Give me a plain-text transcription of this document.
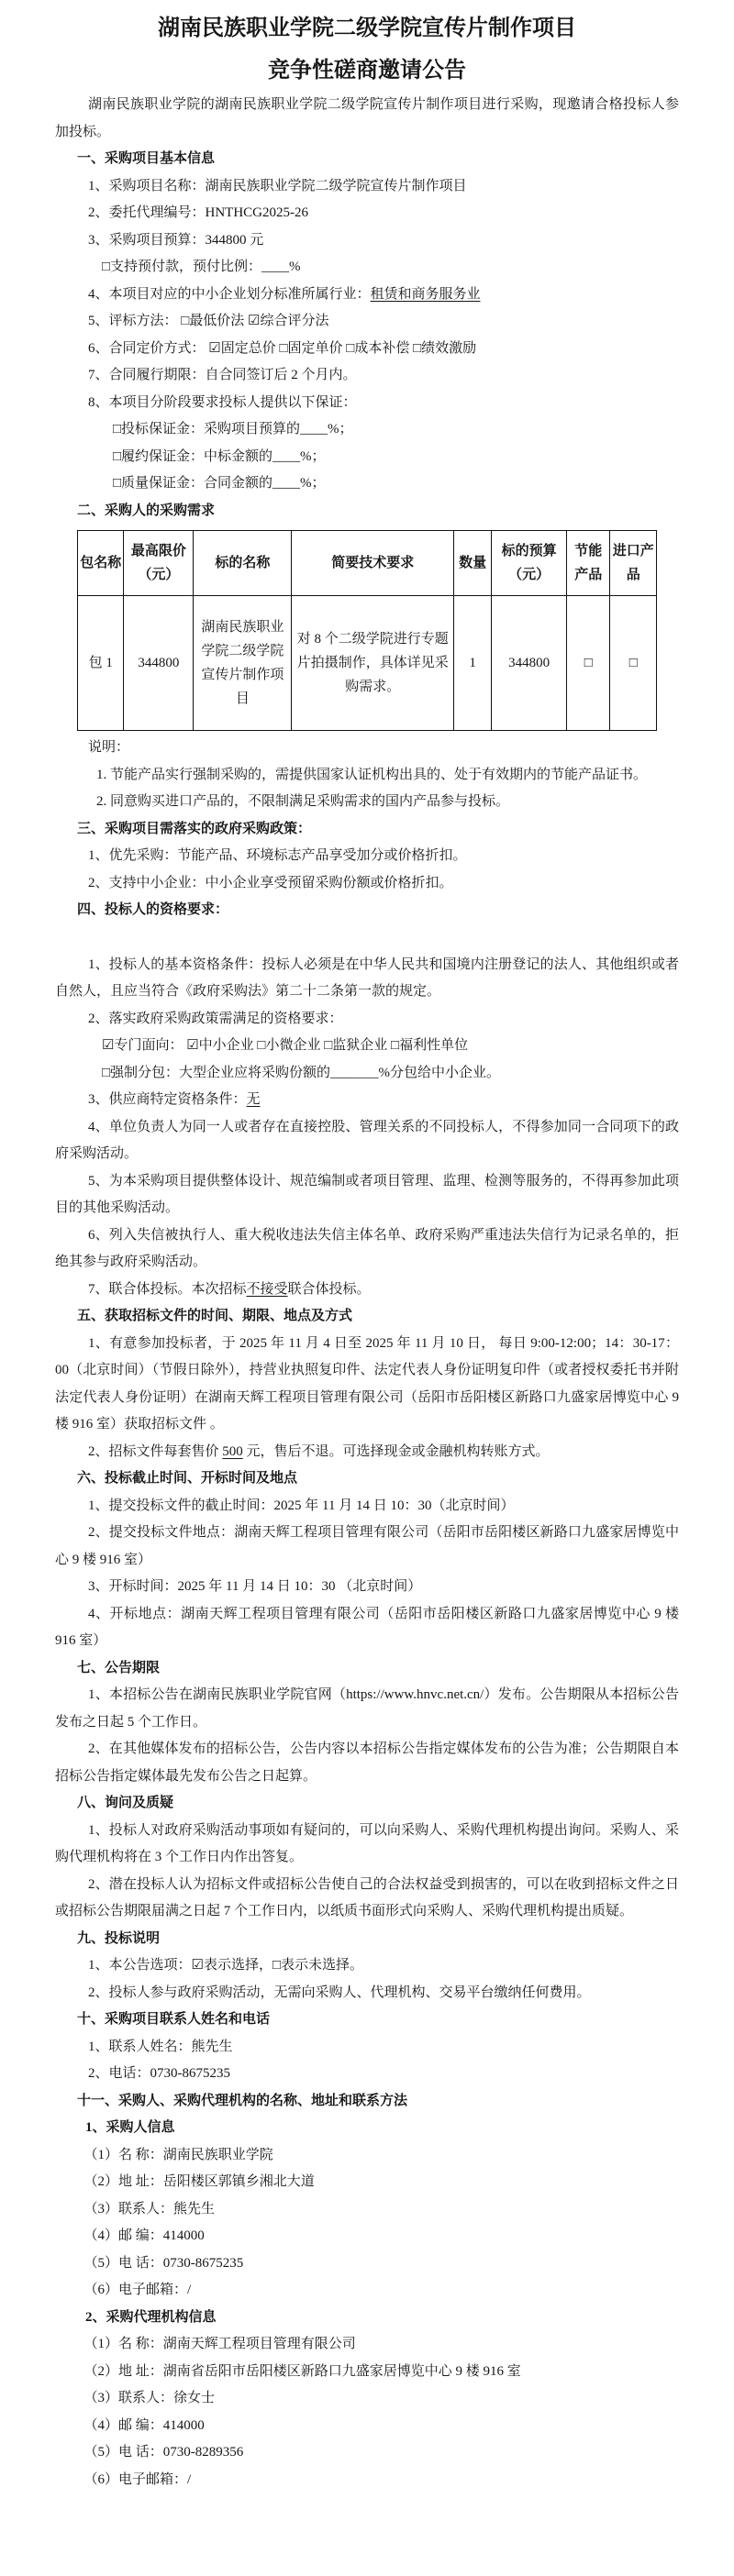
湖南民族职业学院二级学院宣传片制作项目
竞争性磋商邀请公告

湖南民族职业学院的湖南民族职业学院二级学院宣传片制作项目进行采购，现邀请合格投标人参加投标。

一、采购项目基本信息

1、采购项目名称：湖南民族职业学院二级学院宣传片制作项目

2、委托代理编号：HNTHCG2025-26

3、采购项目预算：344800 元

□支持预付款，预付比例：____%

4、本项目对应的中小企业划分标准所属行业：租赁和商务服务业

5、评标方法： □最低价法 ☑综合评分法

6、合同定价方式： ☑固定总价 □固定单价 □成本补偿 □绩效激励

7、合同履行期限：自合同签订后 2 个月内。

8、本项目分阶段要求投标人提供以下保证：

□投标保证金：采购项目预算的____%；

□履约保证金：中标金额的____%；

□质量保证金：合同金额的____%；

二、采购人的采购需求

包名称	最高限价（元）	标的名称	简要技术要求	数量	标的预算（元）	节能产品	进口产品
包 1	344800	湖南民族职业学院二级学院宣传片制作项目	对 8 个二级学院进行专题片拍摄制作，具体详见采购需求。	1	344800	□	□

说明：

1. 节能产品实行强制采购的，需提供国家认证机构出具的、处于有效期内的节能产品证书。

2. 同意购买进口产品的，不限制满足采购需求的国内产品参与投标。

三、采购项目需落实的政府采购政策：

1、优先采购：节能产品、环境标志产品享受加分或价格折扣。

2、支持中小企业：中小企业享受预留采购份额或价格折扣。

四、投标人的资格要求：

1、投标人的基本资格条件：投标人必须是在中华人民共和国境内注册登记的法人、其他组织或者自然人，且应当符合《政府采购法》第二十二条第一款的规定。

2、落实政府采购政策需满足的资格要求：

☑专门面向： ☑中小企业 □小微企业 □监狱企业 □福利性单位

□强制分包：大型企业应将采购份额的_______%分包给中小企业。

3、供应商特定资格条件：无

4、单位负责人为同一人或者存在直接控股、管理关系的不同投标人，不得参加同一合同项下的政府采购活动。

5、为本采购项目提供整体设计、规范编制或者项目管理、监理、检测等服务的，不得再参加此项目的其他采购活动。

6、列入失信被执行人、重大税收违法失信主体名单、政府采购严重违法失信行为记录名单的，拒绝其参与政府采购活动。

7、联合体投标。本次招标不接受联合体投标。

五、获取招标文件的时间、期限、地点及方式

1、有意参加投标者，于 2025 年 11 月 4 日至 2025 年 11 月 10 日， 每日 9:00-12:00；14：30-17：00（北京时间）（节假日除外），持营业执照复印件、法定代表人身份证明复印件（或者授权委托书并附法定代表人身份证明）在湖南天辉工程项目管理有限公司（岳阳市岳阳楼区新路口九盛家居博览中心 9 楼 916 室）获取招标文件 。

2、招标文件每套售价 500 元，售后不退。可选择现金或金融机构转账方式。

六、投标截止时间、开标时间及地点

1、提交投标文件的截止时间：2025 年 11 月 14 日 10：30（北京时间）

2、提交投标文件地点：湖南天辉工程项目管理有限公司（岳阳市岳阳楼区新路口九盛家居博览中心 9 楼 916 室）

3、开标时间：2025 年 11 月 14 日 10：30 （北京时间）

4、开标地点：湖南天辉工程项目管理有限公司（岳阳市岳阳楼区新路口九盛家居博览中心 9 楼 916 室）

七、公告期限

1、本招标公告在湖南民族职业学院官网（https://www.hnvc.net.cn/）发布。公告期限从本招标公告发布之日起 5 个工作日。

2、在其他媒体发布的招标公告，公告内容以本招标公告指定媒体发布的公告为准；公告期限自本招标公告指定媒体最先发布公告之日起算。

八、询问及质疑

1、投标人对政府采购活动事项如有疑问的，可以向采购人、采购代理机构提出询问。采购人、采购代理机构将在 3 个工作日内作出答复。

2、潜在投标人认为招标文件或招标公告使自己的合法权益受到损害的，可以在收到招标文件之日或招标公告期限届满之日起 7 个工作日内，以纸质书面形式向采购人、采购代理机构提出质疑。

九、投标说明

1、本公告选项：☑表示选择，□表示未选择。

2、投标人参与政府采购活动，无需向采购人、代理机构、交易平台缴纳任何费用。

十、采购项目联系人姓名和电话

1、联系人姓名：熊先生

2、电话：0730-8675235

十一、采购人、采购代理机构的名称、地址和联系方法

1、采购人信息

（1）名 称：湖南民族职业学院

（2）地 址：岳阳楼区郭镇乡湘北大道

（3）联系人：熊先生

（4）邮 编：414000

（5）电 话：0730-8675235

（6）电子邮箱：/

2、采购代理机构信息

（1）名 称：湖南天辉工程项目管理有限公司

（2）地 址：湖南省岳阳市岳阳楼区新路口九盛家居博览中心 9 楼 916 室

（3）联系人：徐女士

（4）邮 编：414000

（5）电 话：0730-8289356

（6）电子邮箱：/
